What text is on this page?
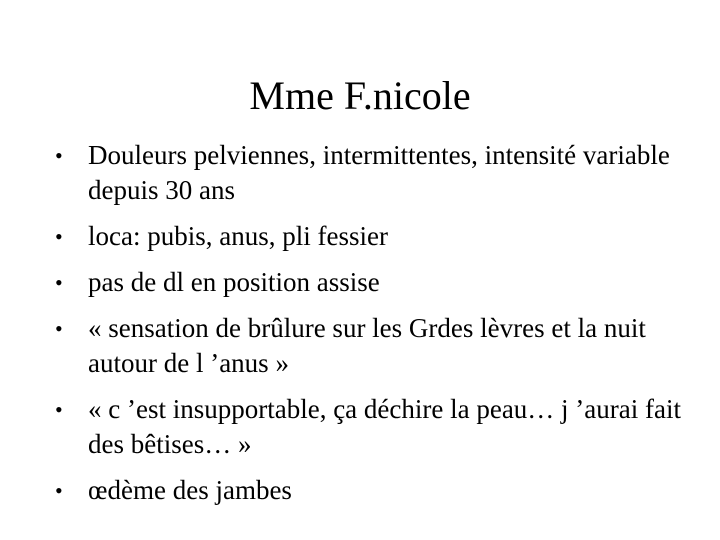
Mme F.nicole
• Douleurs pelviennes, intermittentes, intensité variable depuis 30 ans
• loca: pubis, anus, pli fessier
• pas de dl en position assise
• « sensation de brûlure sur les Grdes lèvres et la nuit autour de l ’anus »
• « c ’est insupportable, ça déchire la peau… j ’aurai fait des bêtises… »
• œdème des jambes
